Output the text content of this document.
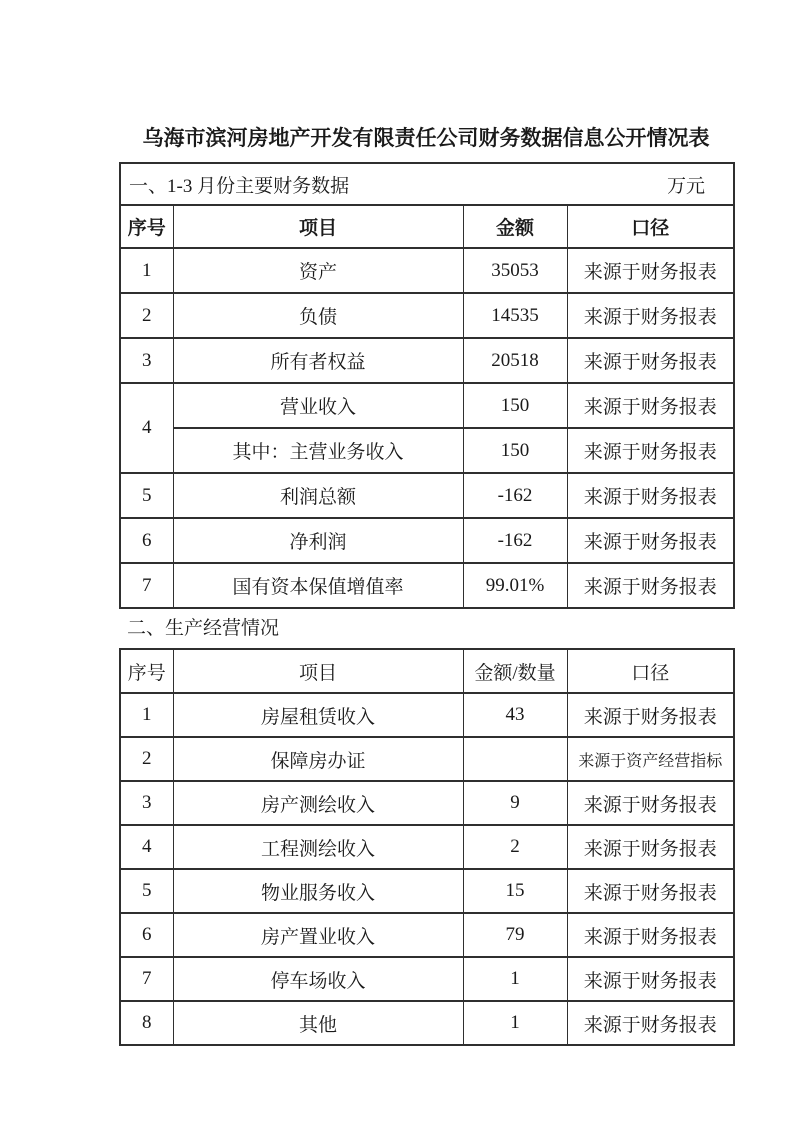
乌海市滨河房地产开发有限责任公司财务数据信息公开情况表
一、1-3 月份主要财务数据 万元			

序号	项目	金额	口径
1	资产	35053	来源于财务报表
2	负债	14535	来源于财务报表
3	所有者权益	20518	来源于财务报表
4	营业收入	150	来源于财务报表
	其中：主营业务收入	150	来源于财务报表
5	利润总额	-162	来源于财务报表
6	净利润	-162	来源于财务报表
7	国有资本保值增值率	99.01%	来源于财务报表
二、生产经营情况
序号	项目	金额/数量	口径
1	房屋租赁收入	43	来源于财务报表
2	保障房办证		来源于资产经营指标
3	房产测绘收入	9	来源于财务报表
4	工程测绘收入	2	来源于财务报表
5	物业服务收入	15	来源于财务报表
6	房产置业收入	79	来源于财务报表
7	停车场收入	1	来源于财务报表
8	其他	1	来源于财务报表
